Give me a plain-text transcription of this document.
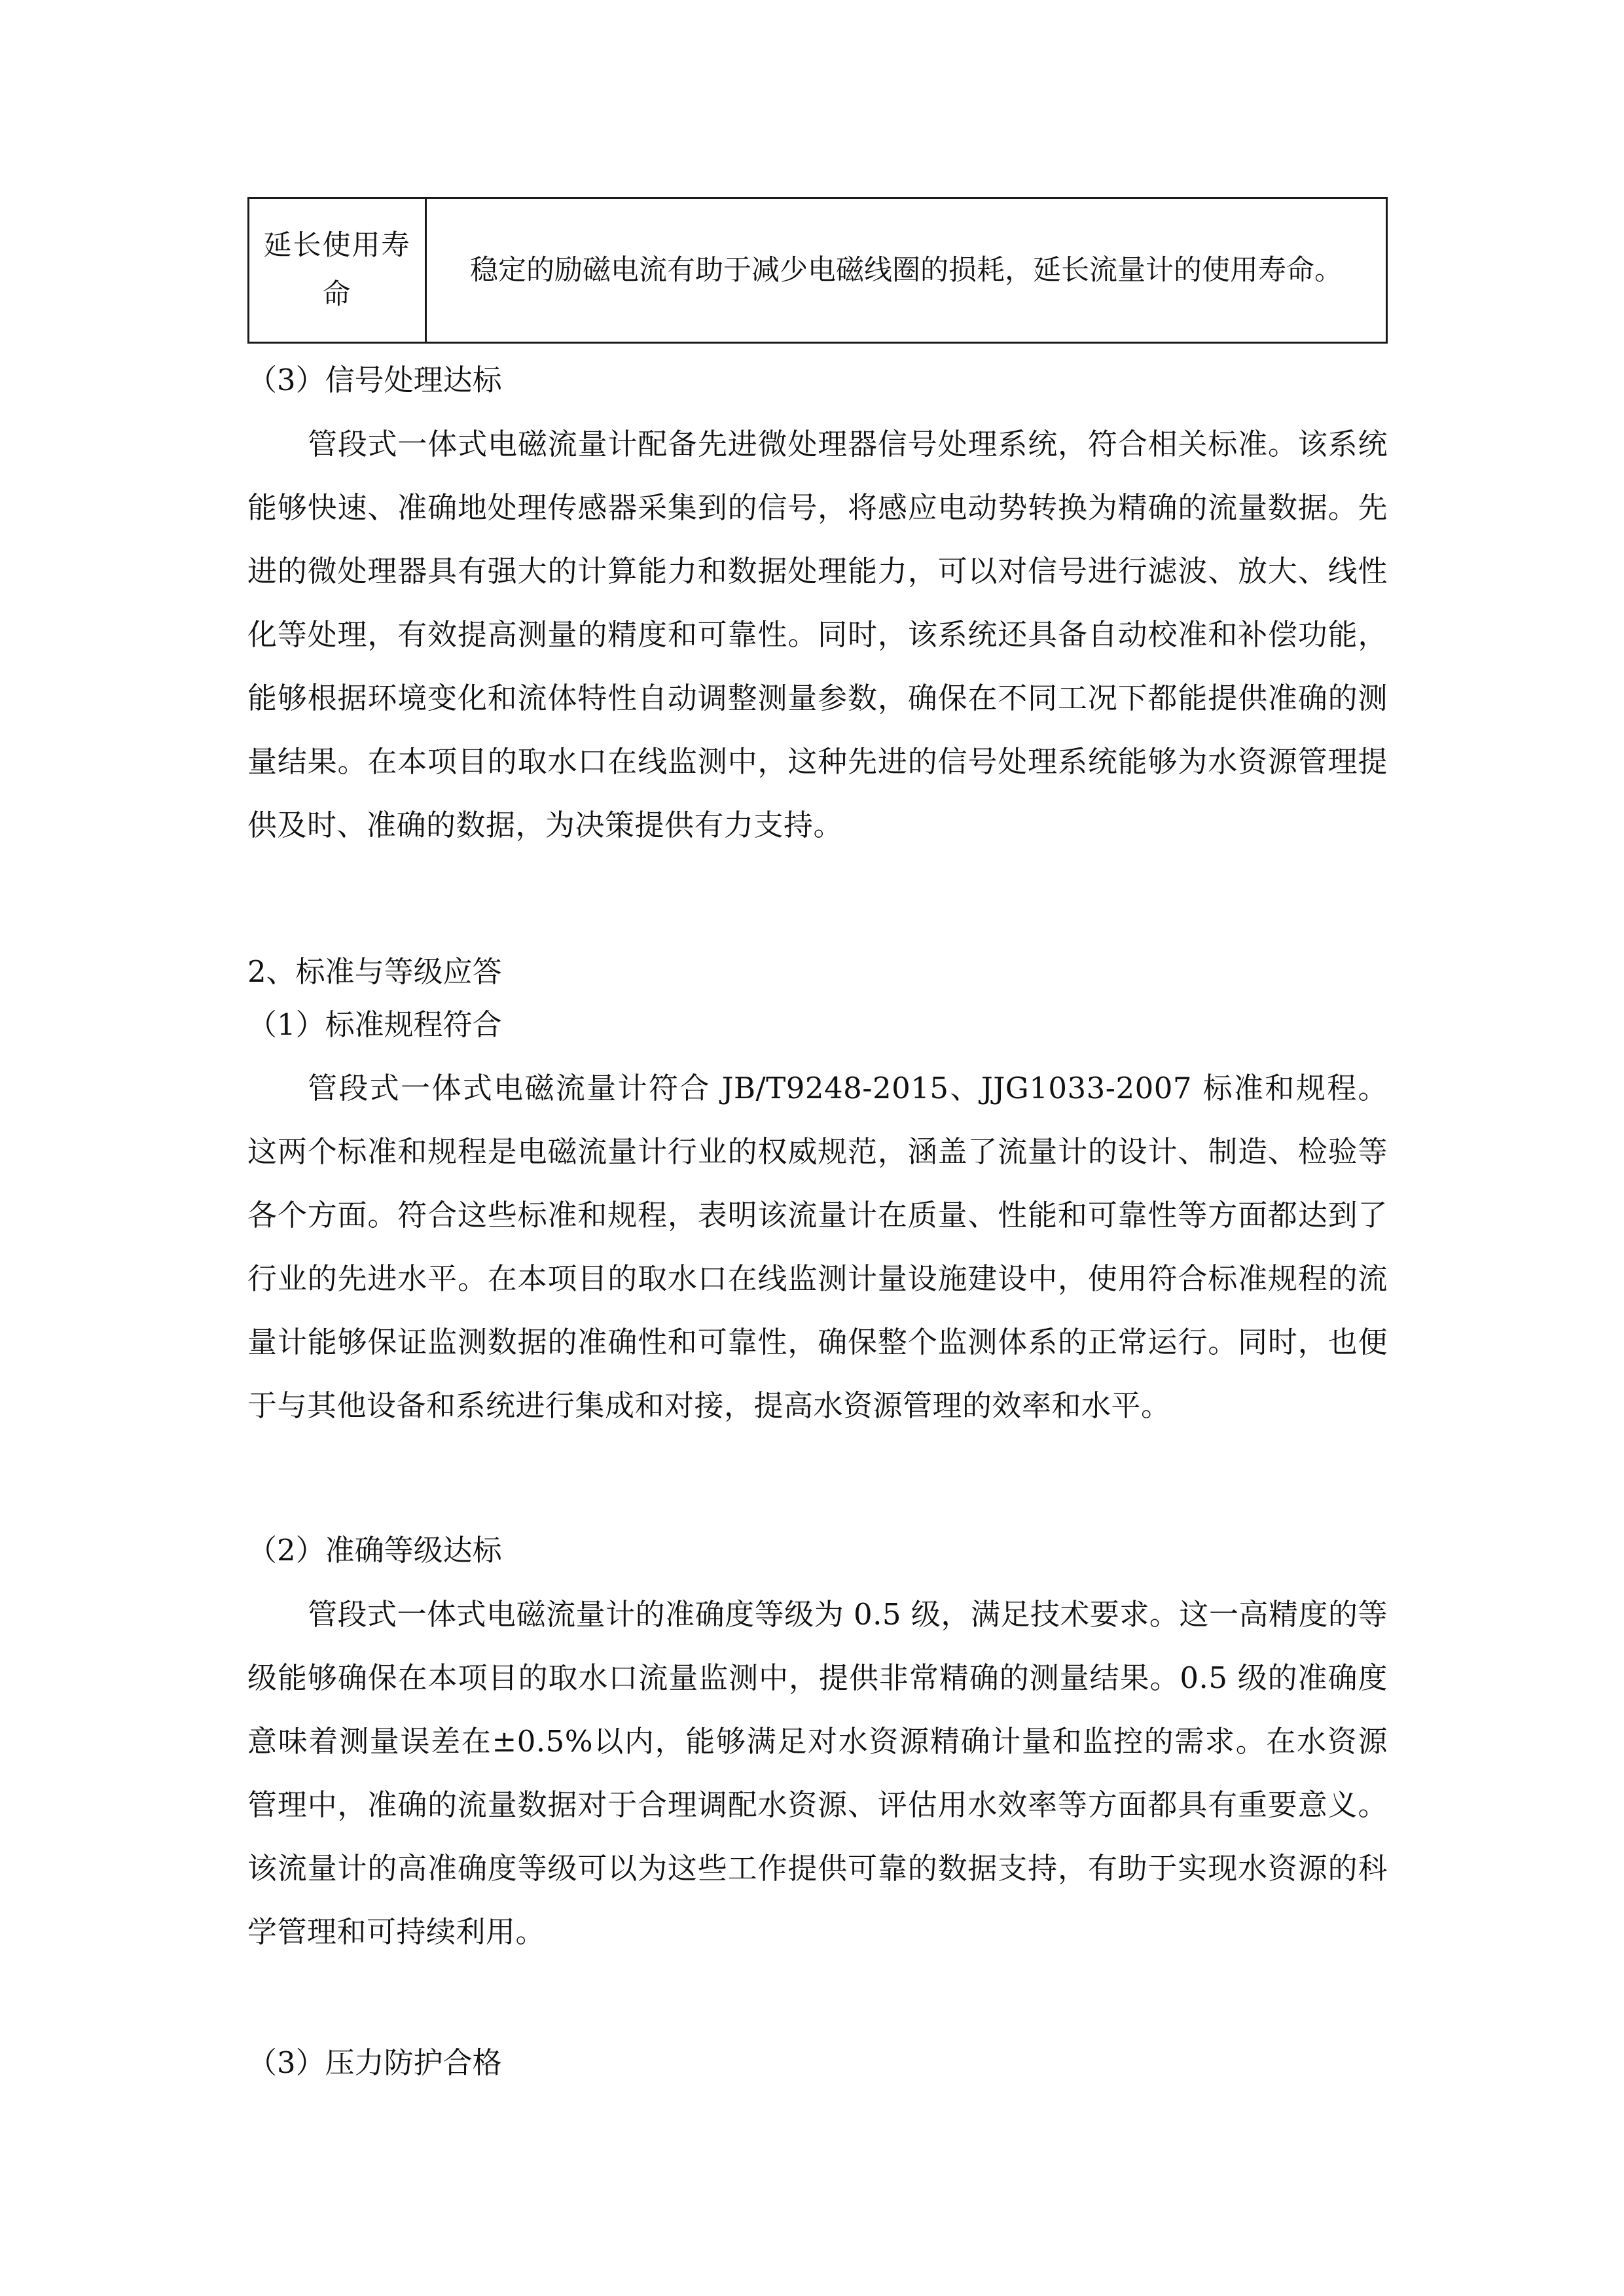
延长使用寿命	稳定的励磁电流有助于减少电磁线圈的损耗，延长流量计的使用寿命。
（3）信号处理达标
管段式一体式电磁流量计配备先进微处理器信号处理系统，符合相关标准。该系统能够快速、准确地处理传感器采集到的信号，将感应电动势转换为精确的流量数据。先进的微处理器具有强大的计算能力和数据处理能力，可以对信号进行滤波、放大、线性化等处理，有效提高测量的精度和可靠性。同时，该系统还具备自动校准和补偿功能，能够根据环境变化和流体特性自动调整测量参数，确保在不同工况下都能提供准确的测量结果。在本项目的取水口在线监测中，这种先进的信号处理系统能够为水资源管理提供及时、准确的数据，为决策提供有力支持。
2、标准与等级应答
（1）标准规程符合
管段式一体式电磁流量计符合 JB/T9248-2015、JJG1033-2007 标准和规程。这两个标准和规程是电磁流量计行业的权威规范，涵盖了流量计的设计、制造、检验等各个方面。符合这些标准和规程，表明该流量计在质量、性能和可靠性等方面都达到了行业的先进水平。在本项目的取水口在线监测计量设施建设中，使用符合标准规程的流量计能够保证监测数据的准确性和可靠性，确保整个监测体系的正常运行。同时，也便于与其他设备和系统进行集成和对接，提高水资源管理的效率和水平。
（2）准确等级达标
管段式一体式电磁流量计的准确度等级为 0.5 级，满足技术要求。这一高精度的等级能够确保在本项目的取水口流量监测中，提供非常精确的测量结果。0.5 级的准确度意味着测量误差在±0.5%以内，能够满足对水资源精确计量和监控的需求。在水资源管理中，准确的流量数据对于合理调配水资源、评估用水效率等方面都具有重要意义。该流量计的高准确度等级可以为这些工作提供可靠的数据支持，有助于实现水资源的科学管理和可持续利用。
（3）压力防护合格
